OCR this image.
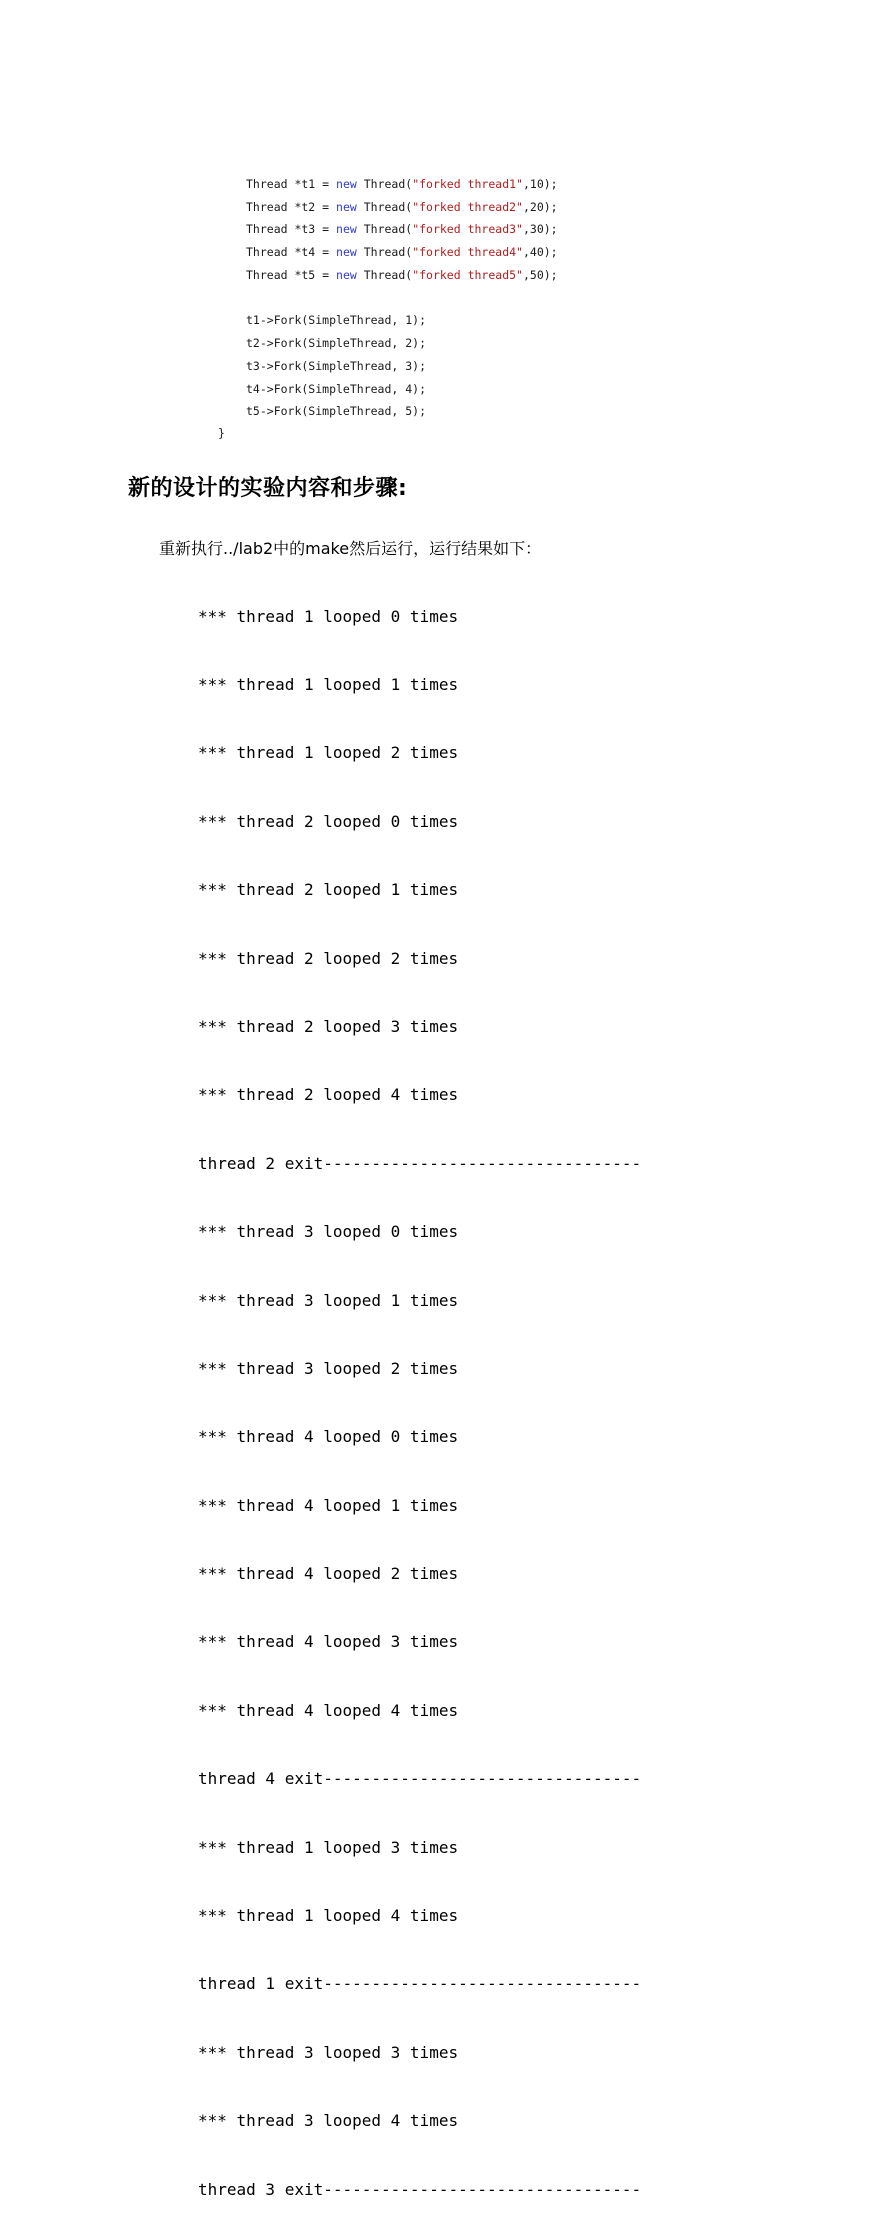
Thread *t1 = new Thread("forked thread1",10);
Thread *t2 = new Thread("forked thread2",20);
Thread *t3 = new Thread("forked thread3",30);
Thread *t4 = new Thread("forked thread4",40);
Thread *t5 = new Thread("forked thread5",50);
t1->Fork(SimpleThread, 1);
t2->Fork(SimpleThread, 2);
t3->Fork(SimpleThread, 3);
t4->Fork(SimpleThread, 4);
t5->Fork(SimpleThread, 5);
}
新的设计的实验内容和步骤:
重新执行../lab2中的make然后运行，运行结果如下：

*** thread 1 looped 0 times

*** thread 1 looped 1 times

*** thread 1 looped 2 times

*** thread 2 looped 0 times

*** thread 2 looped 1 times

*** thread 2 looped 2 times

*** thread 2 looped 3 times

*** thread 2 looped 4 times

thread 2 exit---------------------------------

*** thread 3 looped 0 times

*** thread 3 looped 1 times

*** thread 3 looped 2 times

*** thread 4 looped 0 times

*** thread 4 looped 1 times

*** thread 4 looped 2 times

*** thread 4 looped 3 times

*** thread 4 looped 4 times

thread 4 exit---------------------------------

*** thread 1 looped 3 times

*** thread 1 looped 4 times

thread 1 exit---------------------------------

*** thread 3 looped 3 times

*** thread 3 looped 4 times

thread 3 exit---------------------------------
